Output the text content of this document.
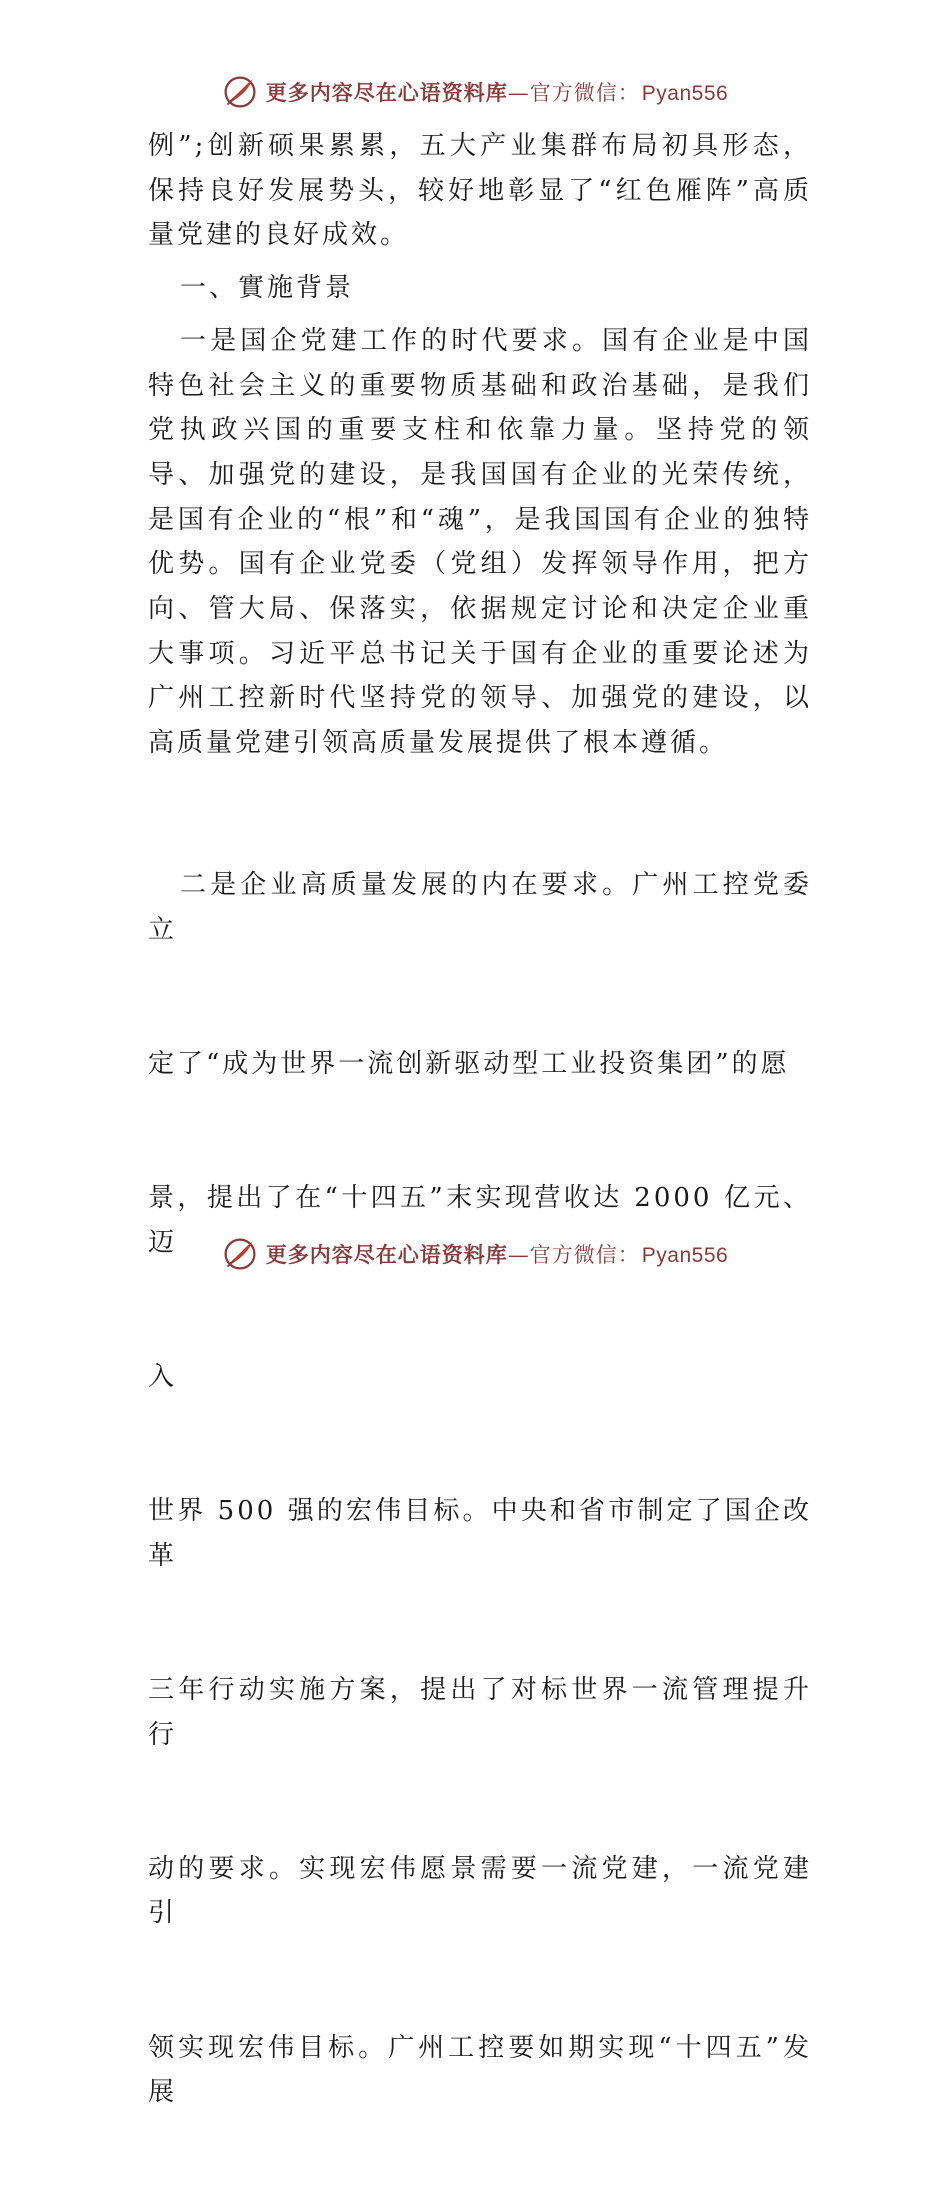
更多内容尽在心语资料库 — 官方微信： Pyan556

例”;创新硕果累累，五大产业集群布局初具形态，保持良好发展势头，较好地彰显了“红色雁阵”高质量党建的良好成效。

一、實施背景

一是国企党建工作的时代要求。国有企业是中国特色社会主义的重要物质基础和政治基础，是我们党执政兴国的重要支柱和依靠力量。坚持党的领导、加强党的建设，是我国国有企业的光荣传统，是国有企业的“根”和“魂”，是我国国有企业的独特优势。国有企业党委（党组）发挥领导作用，把方向、管大局、保落实，依据规定讨论和决定企业重大事项。习近平总书记关于国有企业的重要论述为广州工控新时代坚持党的领导、加强党的建设，以高质量党建引领高质量发展提供了根本遵循。

二是企业高质量发展的内在要求。广州工控党委立

定了“成为世界一流创新驱动型工业投资集团”的愿

景，提出了在“十四五”末实现营收达 2000 亿元、迈

入

世界 500 强的宏伟目标。中央和省市制定了国企改革

三年行动实施方案，提出了对标世界一流管理提升行

动的要求。实现宏伟愿景需要一流党建，一流党建引

领实现宏伟目标。广州工控要如期实现“十四五”发展

更多内容尽在心语资料库 — 官方微信： Pyan556
